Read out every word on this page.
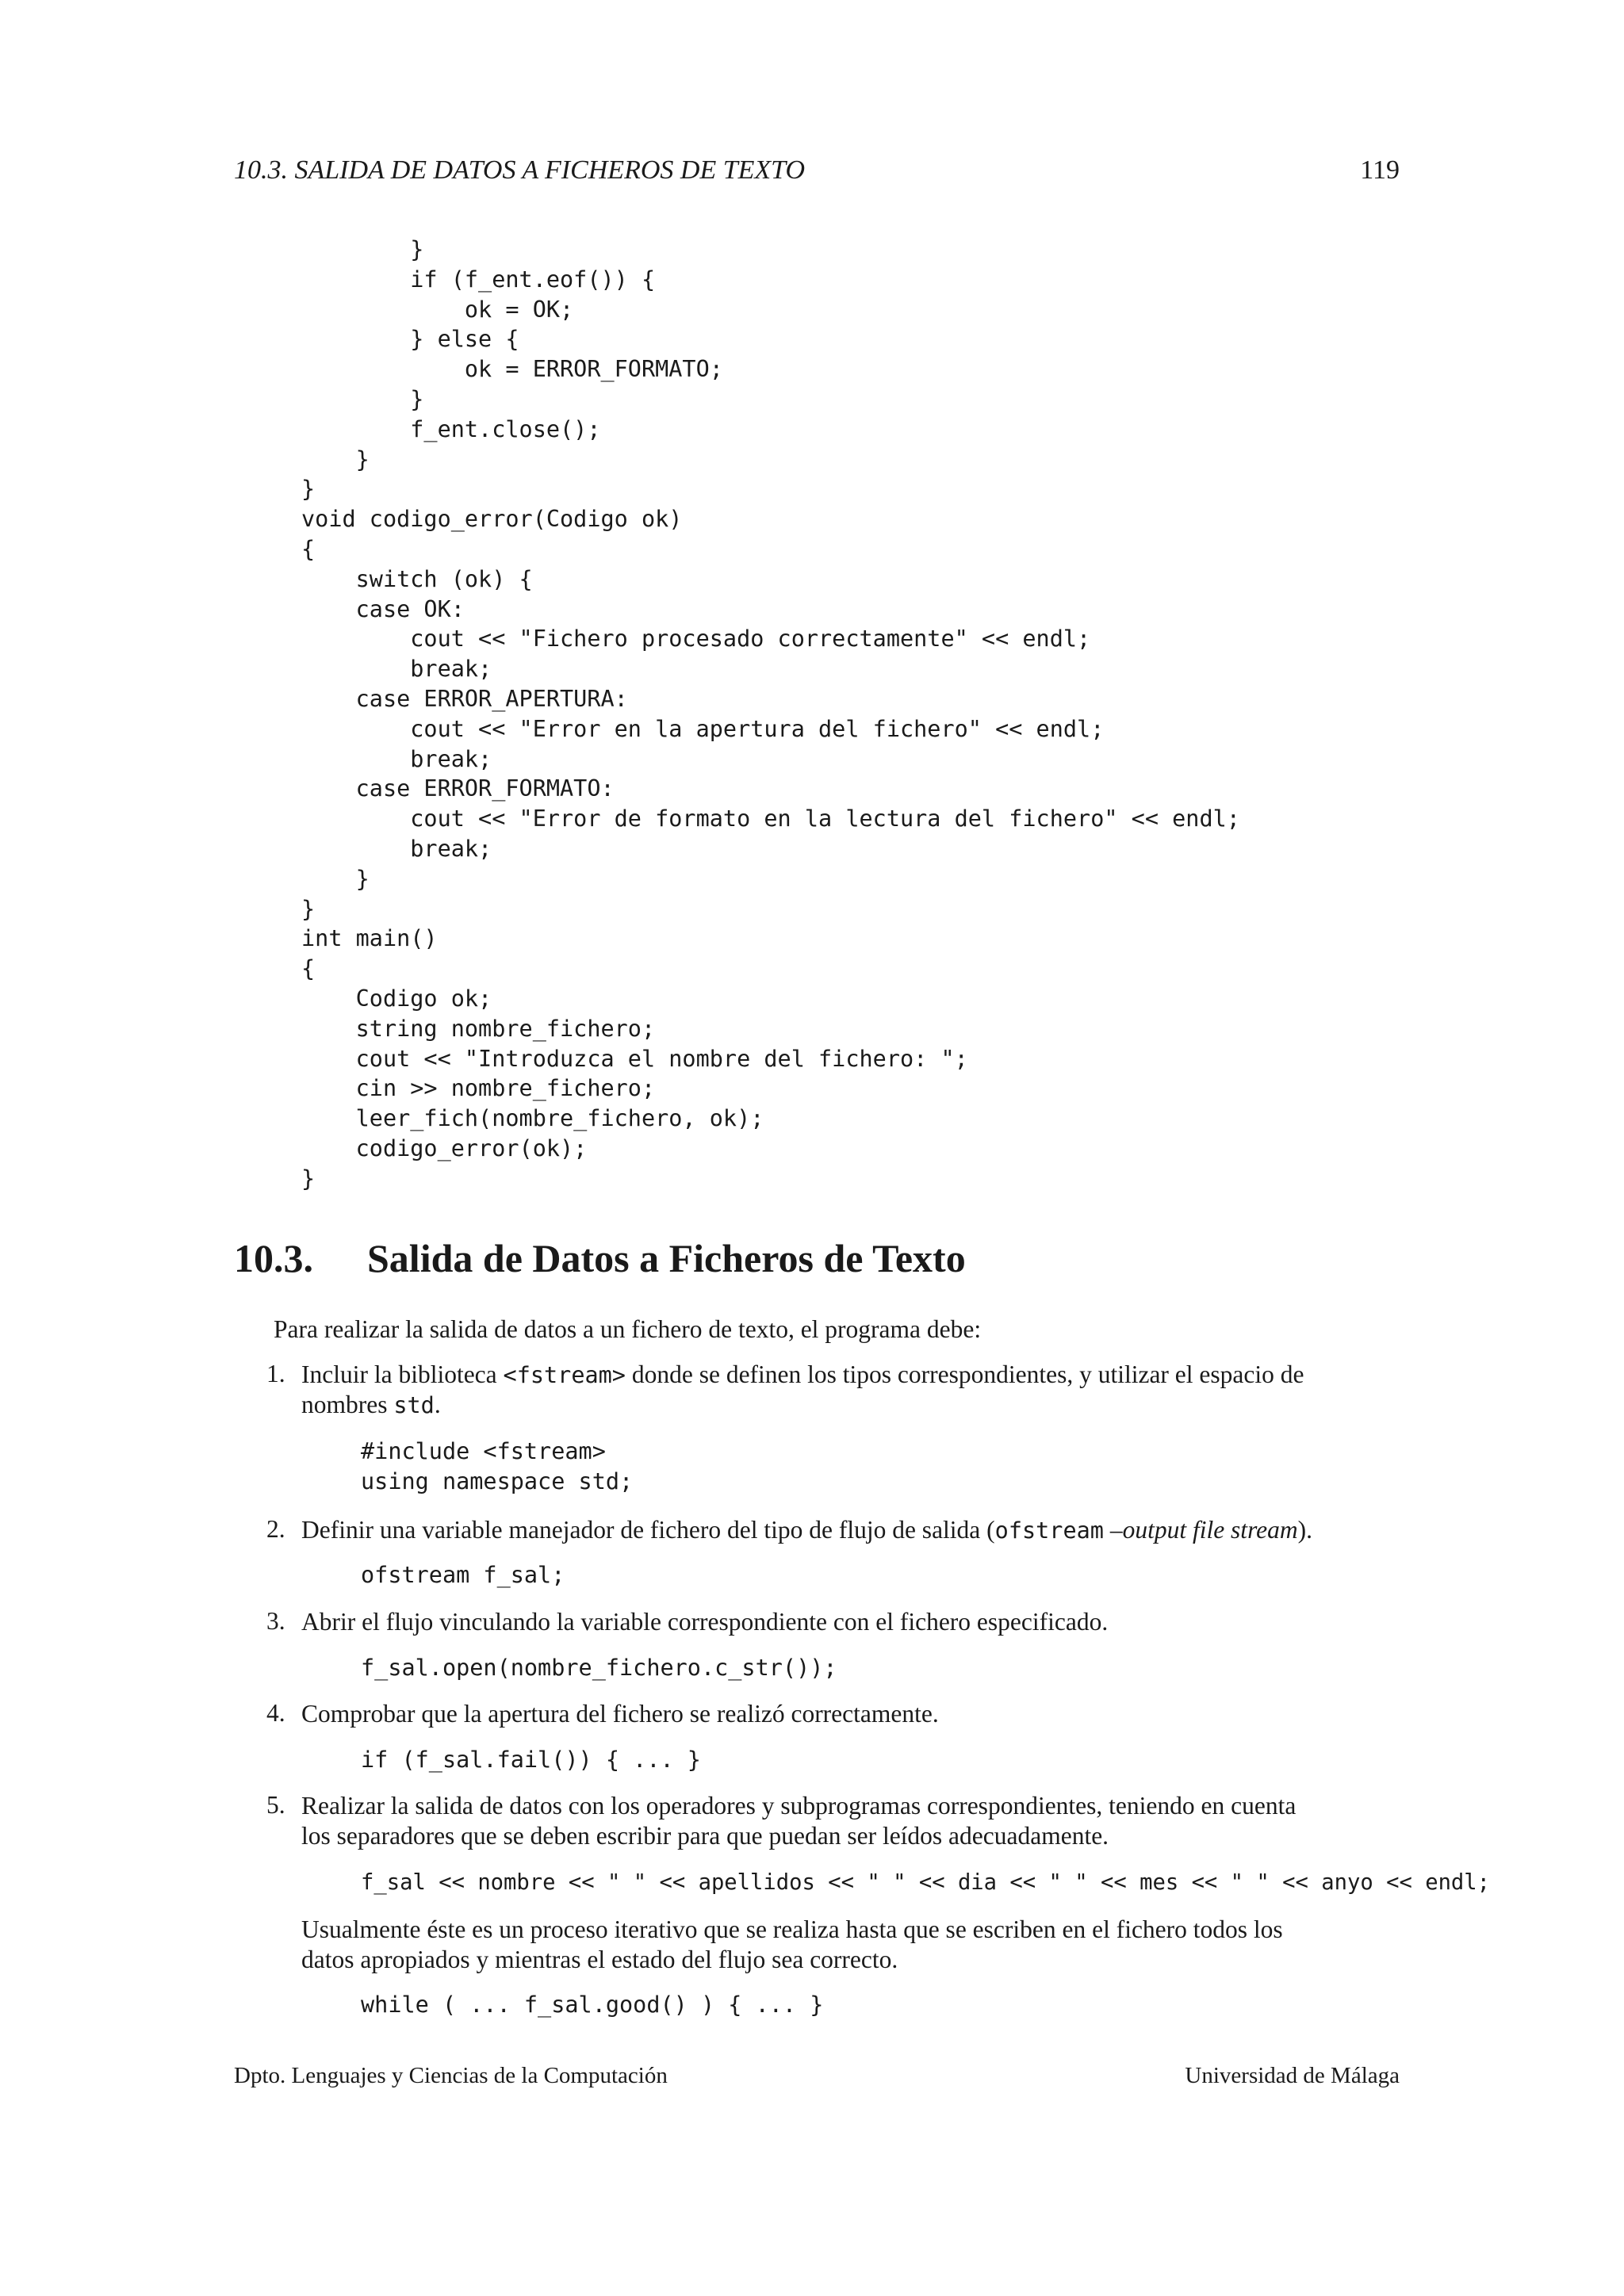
10.3. SALIDA DE DATOS A FICHEROS DE TEXTO	119
}
if (f_ent.eof()) {
ok = OK;
} else {
ok = ERROR_FORMATO;
}
f_ent.close();
}
}
void codigo_error(Codigo ok)
{
switch (ok) {
case OK:
cout << "Fichero procesado correctamente" << endl;
break;
case ERROR_APERTURA:
cout << "Error en la apertura del fichero" << endl;
break;
case ERROR_FORMATO:
cout << "Error de formato en la lectura del fichero" << endl;
break;
}
}
int main()
{
Codigo ok;
string nombre_fichero;
cout << "Introduzca el nombre del fichero: ";
cin >> nombre_fichero;
leer_fich(nombre_fichero, ok);
codigo_error(ok);
}
10.3. Salida de Datos a Ficheros de Texto
Para realizar la salida de datos a un fichero de texto, el programa debe:
1. Incluir la biblioteca <fstream> donde se definen los tipos correspondientes, y utilizar el espacio de
nombres std.
#include <fstream>
using namespace std;
2. Definir una variable manejador de fichero del tipo de flujo de salida (ofstream –output file stream).
ofstream f_sal;
3. Abrir el flujo vinculando la variable correspondiente con el fichero especificado.
f_sal.open(nombre_fichero.c_str());
4. Comprobar que la apertura del fichero se realizó correctamente.
if (f_sal.fail()) { ... }
5. Realizar la salida de datos con los operadores y subprogramas correspondientes, teniendo en cuenta
los separadores que se deben escribir para que puedan ser leídos adecuadamente.
f_sal << nombre << " " << apellidos << " " << dia << " " << mes << " " << anyo << endl;
Usualmente éste es un proceso iterativo que se realiza hasta que se escriben en el fichero todos los
datos apropiados y mientras el estado del flujo sea correcto.
while ( ... f_sal.good() ) { ... }
Dpto. Lenguajes y Ciencias de la Computación	Universidad de Málaga
